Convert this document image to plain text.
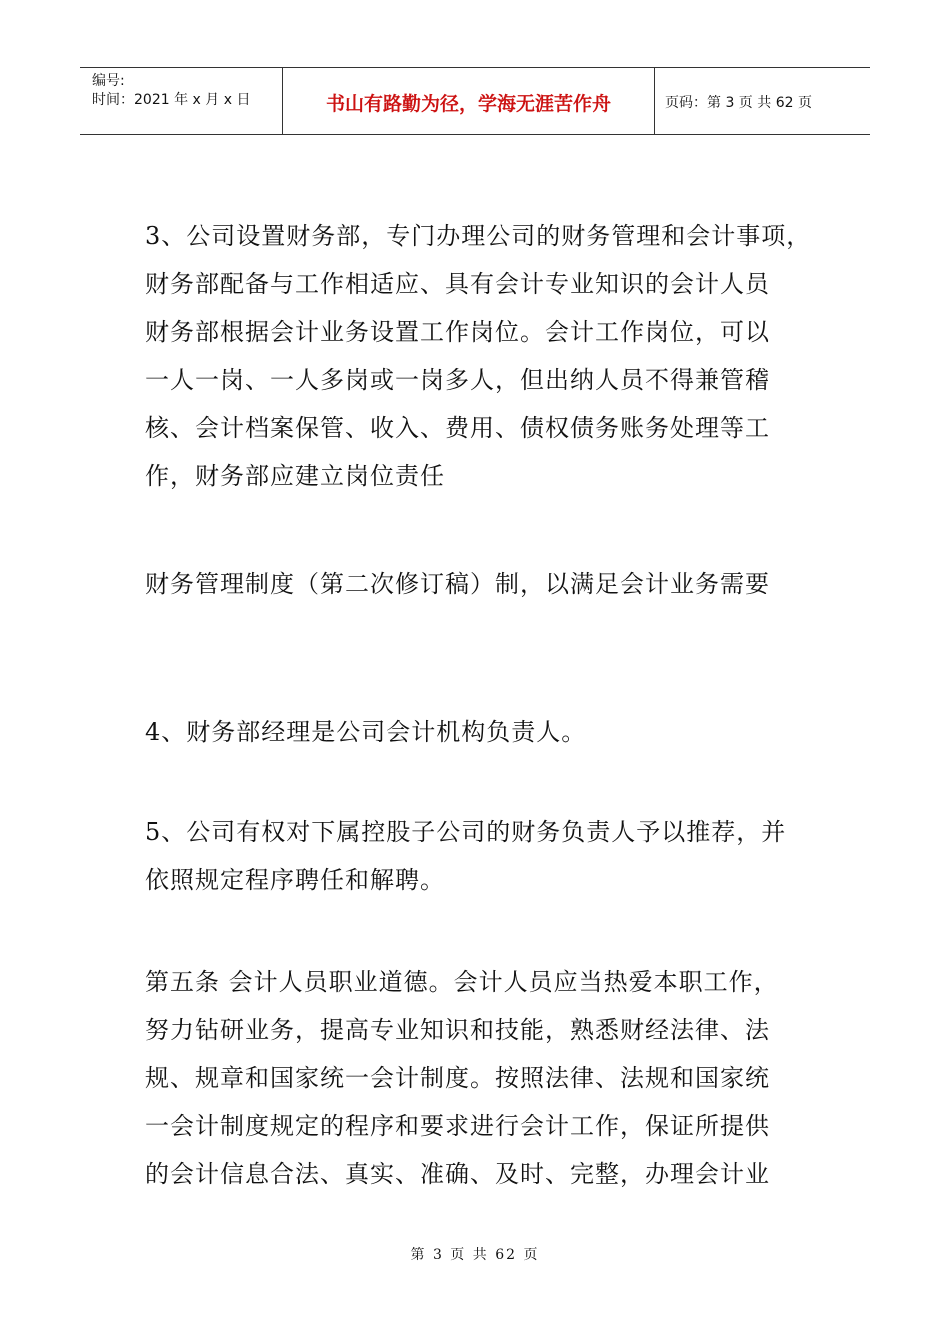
编号:
时间：2021 年 x 月 x 日	书山有路勤为径，学海无涯苦作舟	页码：第 3 页 共 62 页

3、公司设置财务部，专门办理公司的财务管理和会计事项，
财务部配备与工作相适应、具有会计专业知识的会计人员
财务部根据会计业务设置工作岗位。会计工作岗位，可以
一人一岗、一人多岗或一岗多人，但出纳人员不得兼管稽
核、会计档案保管、收入、费用、债权债务账务处理等工
作，财务部应建立岗位责任

财务管理制度（第二次修订稿）制，以满足会计业务需要

4、财务部经理是公司会计机构负责人。

5、公司有权对下属控股子公司的财务负责人予以推荐，并
依照规定程序聘任和解聘。

第五条 会计人员职业道德。会计人员应当热爱本职工作，
努力钻研业务，提高专业知识和技能，熟悉财经法律、法
规、规章和国家统一会计制度。按照法律、法规和国家统
一会计制度规定的程序和要求进行会计工作，保证所提供
的会计信息合法、真实、准确、及时、完整，办理会计业

第 3 页 共 62 页
